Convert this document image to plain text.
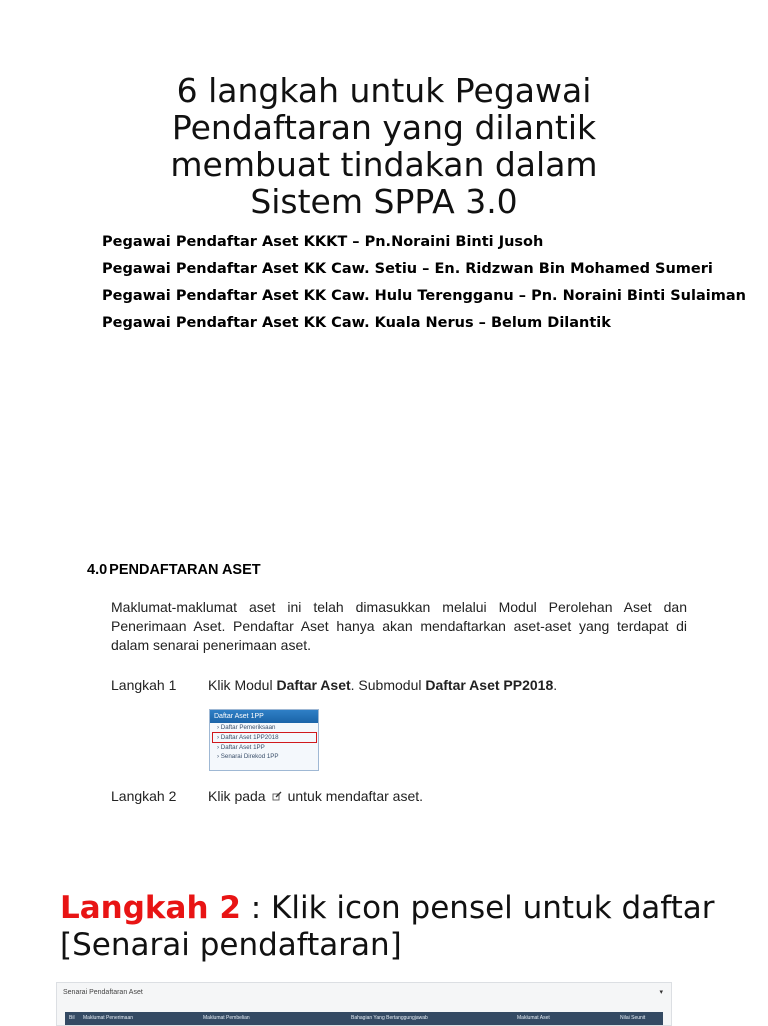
6 langkah untuk Pegawai
Pendaftaran yang dilantik
membuat tindakan dalam
Sistem SPPA 3.0
Pegawai Pendaftar Aset KKKT – Pn.Noraini Binti Jusoh
Pegawai Pendaftar Aset KK Caw. Setiu – En. Ridzwan Bin Mohamed Sumeri
Pegawai Pendaftar Aset KK Caw. Hulu Terengganu – Pn. Noraini Binti Sulaiman
Pegawai Pendaftar Aset KK Caw. Kuala Nerus – Belum Dilantik
4.0 PENDAFTARAN ASET
Maklumat-maklumat aset ini telah dimasukkan melalui Modul Perolehan Aset dan Penerimaan Aset. Pendaftar Aset hanya akan mendaftarkan aset-aset yang terdapat di dalam senarai penerimaan aset.
Langkah 1 Klik Modul Daftar Aset. Submodul Daftar Aset PP2018.
Daftar Aset 1PP
› Daftar Pemeriksaan
› Daftar Aset 1PP2018
› Daftar Aset 1PP
› Senarai Direkod 1PP
Langkah 2 Klik pada untuk mendaftar aset.
Langkah 2 : Klik icon pensel untuk daftar [Senarai pendaftaran]
Senarai Pendaftaran Aset	▾
Bil Maklumat Penerimaan	Maklumat Pembelian	Bahagian Yang Bertanggungjawab	Maklumat Aset	Nilai Seunit
